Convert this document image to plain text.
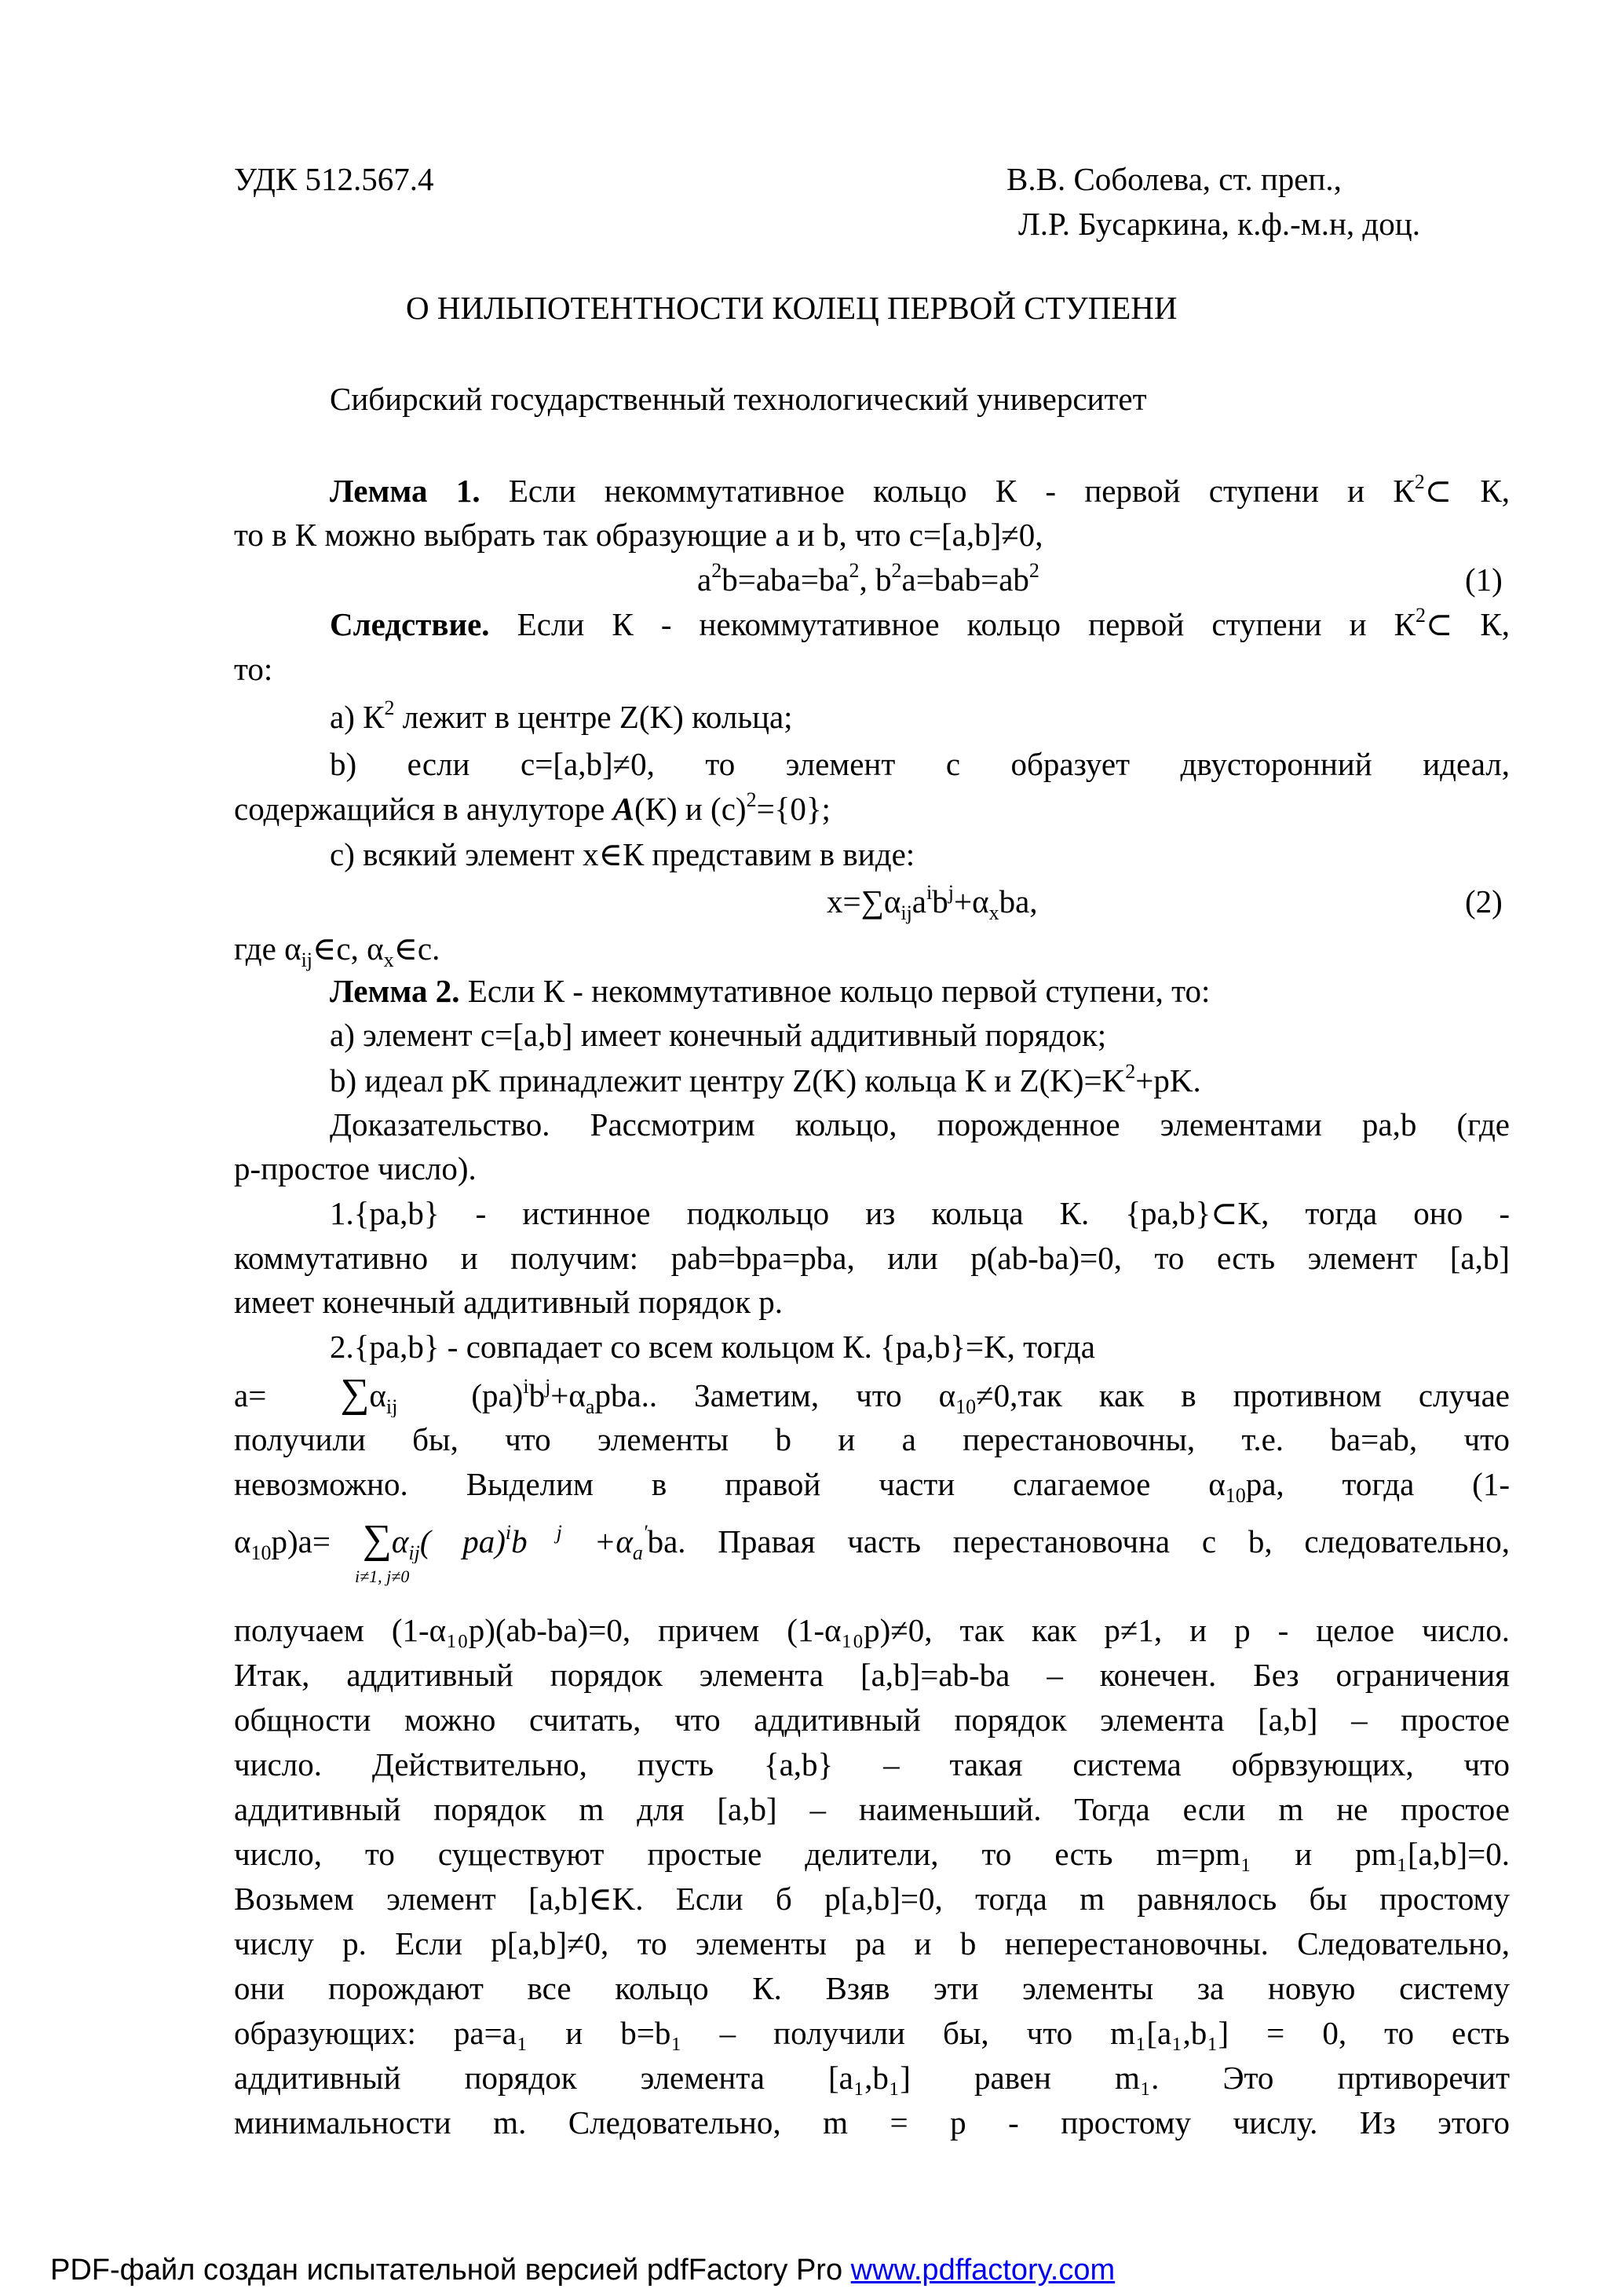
УДК 512.567.4	В.В. Соболева, ст. преп.,
Л.Р. Бусаркина, к.ф.-м.н, доц.
О НИЛЬПОТЕНТНОСТИ КОЛЕЦ ПЕРВОЙ СТУПЕНИ
Сибирский государственный технологический университет
Лемма 1. Если некоммутативное кольцо К - первой ступени и $К^2\subset$ К,
то в К можно выбрать так образующие a и b, что c=[a,b]≠0,
$a^2b=aba=ba^2$, $b^2a=bab=ab^2$	(1)
Следствие. Если К - некоммутативное кольцо первой ступени и $К^2\subset$ К,
то:
a) $К^2$ лежит в центре Z(K) кольца;
b) если c=[a,b]≠0, то элемент с образует двусторонний идеал,
содержащийся в анулуторе A(К) и $(с)^2=\{0\}$;
c) всякий элемент x∈К представим в виде:
$x=\sum\alpha_{ij}a^ib^j+\alpha_xba$,	(2)
где $\alpha_{ij}\in с$, $\alpha_x\in с$.
Лемма 2. Если К - некоммутативное кольцо первой ступени, то:
a) элемент с=[a,b] имеет конечный аддитивный порядок;
b) идеал pK принадлежит центру Z(K) кольца К и $Z(K)=K^2+pK$.
Доказательство. Рассмотрим кольцо, порожденное элементами pa,b (где
р-простое число).
1.{pa,b} - истинное подкольцо из кольца К. {pa,b}⊂K, тогда оно -
коммутативно и получим: pab=bpa=pba, или p(ab-ba)=0, то есть элемент [a,b]
имеет конечный аддитивный порядок p.
2.{pa,b} - совпадает со всем кольцом К. {pa,b}=K, тогда
$a= \sum\alpha_{ij}$  $(pa)^ib^j+\alpha_apba$.. Заметим, что $\alpha_{10}\ne 0,так$ как в противном случае
получили бы, что элементы b и a перестановочны, т.е. ba=ab, что
невозможно. Выделим в правой части слагаемое $\alpha_{10}pa$, тогда (1-
$\alpha_{10}p)a= \sum\alpha_{ij}$( pa)$^i$b $^j +\alpha_a'ba$. Правая часть перестановочна с b, следовательно,
i≠1, j≠0
получаем (1-α₁₀p)(ab-ba)=0, причем (1-α₁₀p)≠0, так как p≠1, и p - целое число.
Итак, аддитивный порядок элемента [a,b]=ab-ba – конечен. Без ограничения
общности можно считать, что аддитивный порядок элемента [a,b] – простое
число. Действительно, пусть {a,b} – такая система обрвзующих, что
аддитивный порядок m для [a,b] – наименьший. Тогда если m не простое
число, то существуют простые делители, то есть m=pm₁ и pm₁[a,b]=0.
Возьмем элемент [a,b]∈K. Если б p[a,b]=0, тогда m равнялось бы простому
числу p. Если p[a,b]≠0, то элементы pa и b неперестановочны. Следовательно,
они порождают все кольцо К. Взяв эти элементы за новую систему
образующих: pa=a₁ и b=b₁ – получили бы, что m₁[a₁,b₁] = 0, то есть
аддитивный порядок элемента [a₁,b₁] равен m₁. Это пртиворечит
минимальности m. Следовательно, m = p - простому числу. Из этого
PDF-файл создан испытательной версией pdfFactory Pro www.pdffactory.com
